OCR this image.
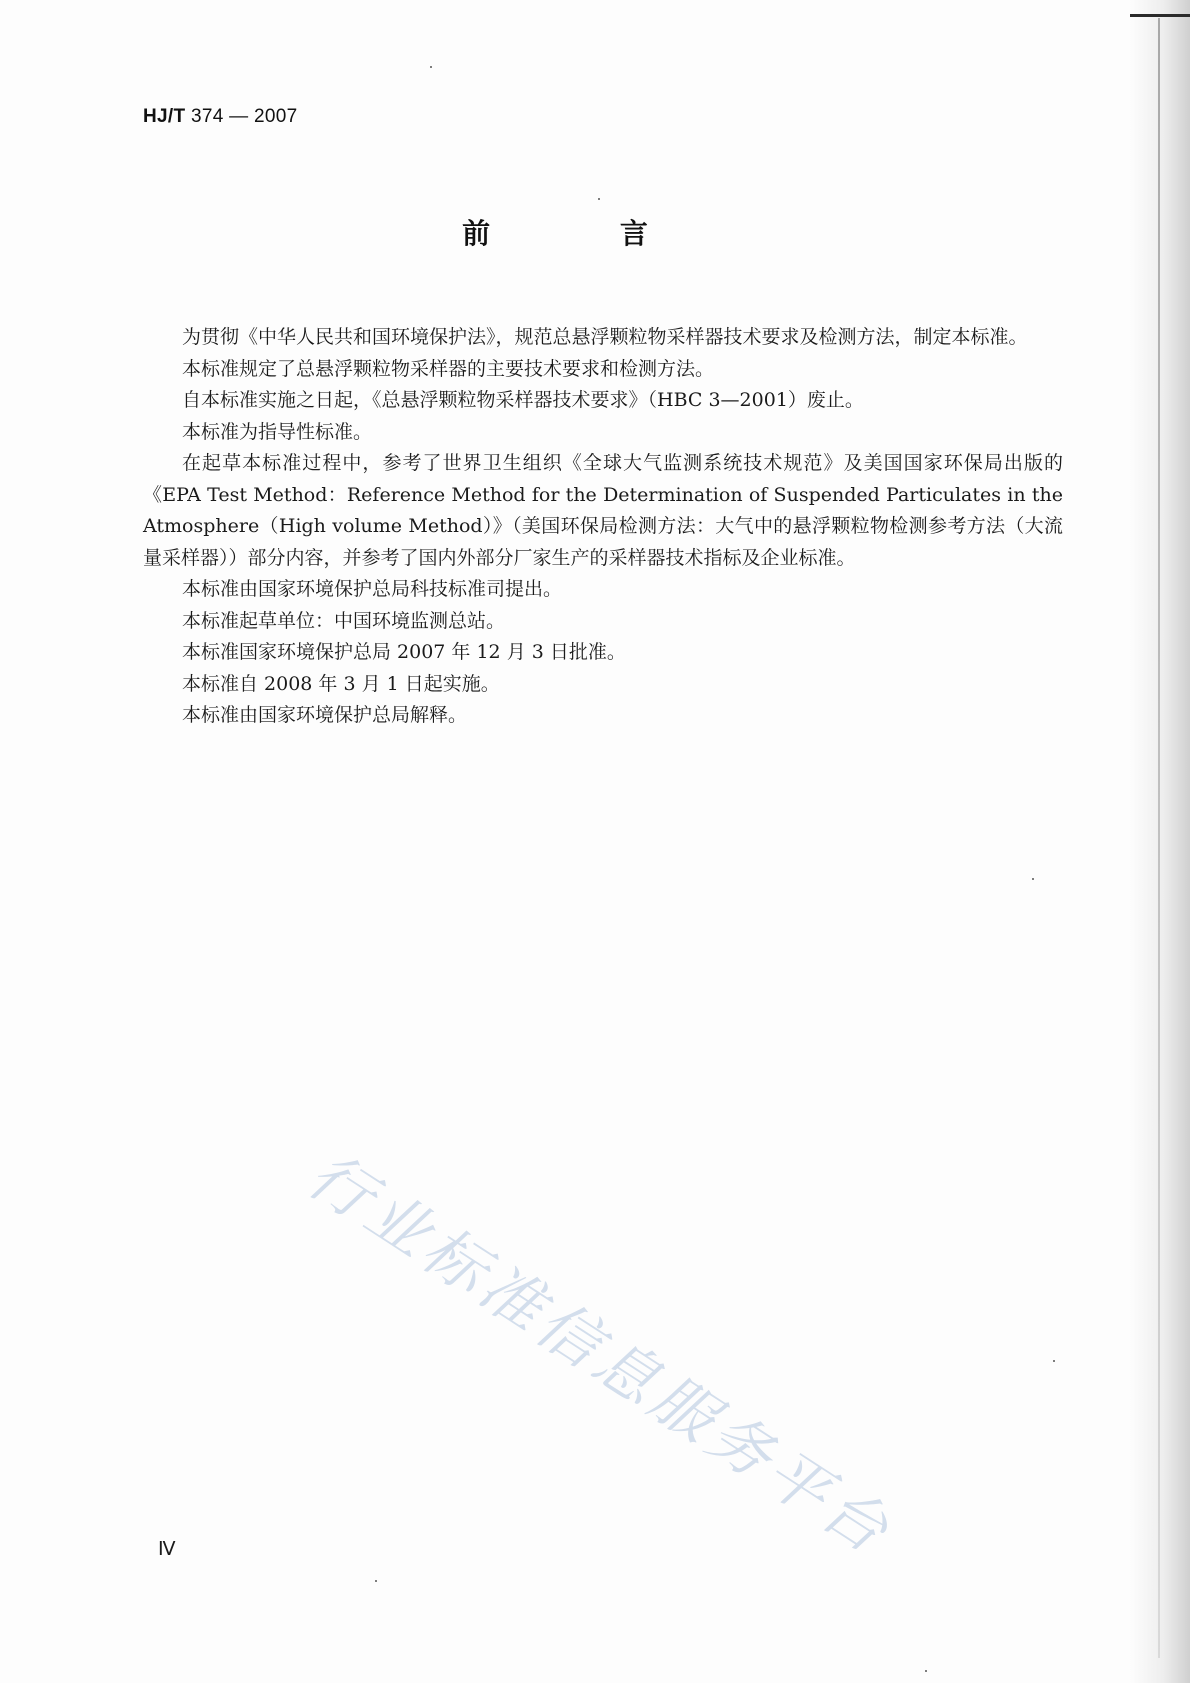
HJ/T 374 — 2007
前 言

为贯彻《中华人民共和国环境保护法》，规范总悬浮颗粒物采样器技术要求及检测方法，制定本标准。

本标准规定了总悬浮颗粒物采样器的主要技术要求和检测方法。

自本标准实施之日起，《总悬浮颗粒物采样器技术要求》（HBC 3—2001）废止。

本标准为指导性标准。

在起草本标准过程中，参考了世界卫生组织《全球大气监测系统技术规范》及美国国家环保局出版的《EPA Test Method：Reference Method for the Determination of Suspended Particulates in the Atmosphere（High volume Method）》（美国环保局检测方法：大气中的悬浮颗粒物检测参考方法（大流量采样器））部分内容，并参考了国内外部分厂家生产的采样器技术指标及企业标准。

本标准由国家环境保护总局科技标准司提出。

本标准起草单位：中国环境监测总站。

本标准国家环境保护总局 2007 年 12 月 3 日批准。

本标准自 2008 年 3 月 1 日起实施。

本标准由国家环境保护总局解释。

行业标准信息服务平台
Ⅳ
